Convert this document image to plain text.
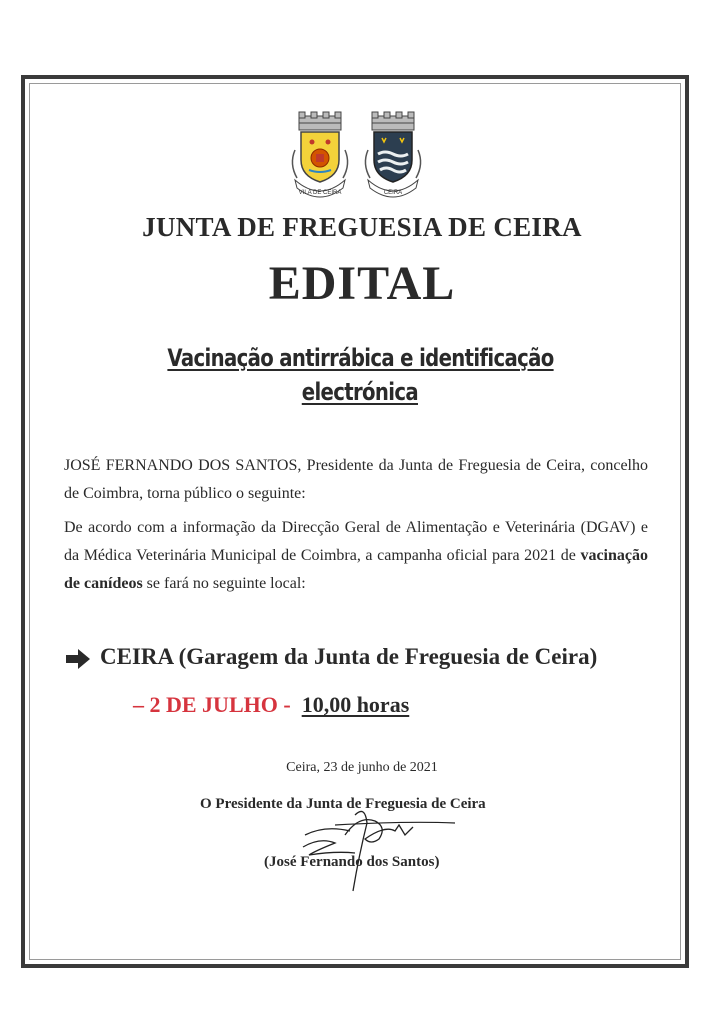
VILA DE CEIRA	CEIRA
JUNTA DE FREGUESIA DE CEIRA
EDITAL
Vacinação antirrábica e identificação
electrónica
JOSÉ FERNANDO DOS SANTOS, Presidente da Junta de Freguesia de Ceira, concelho de Coimbra, torna público o seguinte:
De acordo com a informação da Direcção Geral de Alimentação e Veterinária (DGAV) e da Médica Veterinária Municipal de Coimbra, a campanha oficial para 2021 de vacinação de canídeos se fará no seguinte local:
CEIRA (Garagem da Junta de Freguesia de Ceira)
– 2 DE JULHO -  10,00 horas
Ceira, 23 de junho de 2021
O Presidente da Junta de Freguesia de Ceira
(José Fernando dos Santos)
